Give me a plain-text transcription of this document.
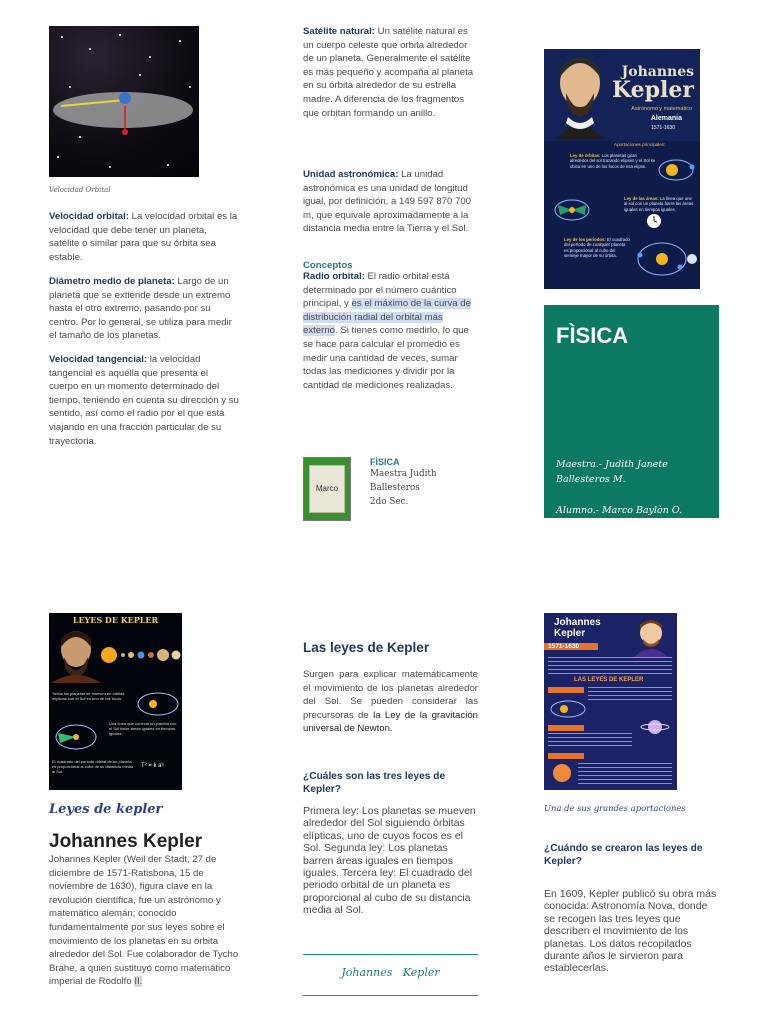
Velocidad Orbital

Velocidad orbital: La velocidad orbital es la velocidad que debe tener un planeta, satélite o similar para que su órbita sea estable.

Diámetro medio de planeta: Largo de un planeta que se extiende desde un extremo hasta el otro extremo, pasando por su centro. Por lo general, se utiliza para medir el tamaño de los planetas.

Velocidad tangencial: la velocidad tangencial es aquélla que presenta el cuerpo en un momento determinado del tiempo, teniendo en cuenta su dirección y su sentido, así como el radio por el que está viajando en una fracción particular de su trayectoria.

Satélite natural: Un satélite natural es un cuerpo celeste que orbita alrededor de un planeta. Generalmente el satélite es más pequeño y acompaña al planeta en su órbita alrededor de su estrella madre. A diferencia de los fragmentos que orbitan formando un anillo.

Unidad astronómica: La unidad astronómica es una unidad de longitud igual, por definición, a 149 597 870 700 m, que equivale aproximadamente a la distancia media entre la Tierra y el Sol.

Conceptos

Radio orbital: El radio orbital está determinado por el número cuántico principal, y es el máximo de la curva de distribución radial del orbital más externo. Si tienes como medirlo, lo que se hace para calcular el promedio es medir una cantidad de veces, sumar todas las mediciones y dividir por la cantidad de mediciones realizadas.

Marco
FÌSICA
Maestra Judith
Ballesteros
2do Sec.
Johannes
Kepler
Astrónomo y matemático
Alemania
1571-1630
Aportaciones principales:
Ley de órbitas: Los planetas giran alrededor del sol trazando elipses y el Sol se ubica en uno de los focos de esa elipse.
Ley de las áreas: La línea que une al sol con un planeta barre las áreas iguales en tiempos iguales.
Ley de los periodos: El cuadrado del período de cualquier planeta es proporcional al cubo del semieje mayor de su órbita.
FÌSICA
Maestra.- Judith Janete Ballesteros M.
Alumno.- Marco Baylòn O.
LEYES DE KEPLER
Todos los planetas se mueven en órbitas elípticas con el Sol en uno de los focos.
Una línea que conecta un planeta con el Sol barre áreas iguales en tiempos iguales.
El cuadrado del periodo orbital de un planeta es proporcional al cubo de su distancia media al Sol.
T² = k a³
Leyes de kepler
Johannes Kepler

Johannes Kepler (Weil der Stadt, 27 de diciembre de 1571-Ratisbona, 15 de noviembre de 1630), figura clave en la revolución científica, fue un astrónomo y matemático alemán; conocido fundamentalmente por sus leyes sobre el movimiento de los planetas en su órbita alrededor del Sol. Fue colaborador de Tycho Brahe, a quien sustituyó como matemático imperial de Rodolfo II.

Las leyes de Kepler

Surgen para explicar matemáticamente el movimiento de los planetas alrededor del Sol. Se pueden considerar las precursoras de la Ley de la gravitación universal de Newton.

¿Cuáles son las tres leyes de Kepler?
Primera ley: Los planetas se mueven alrededor del Sol siguiendo órbitas elípticas, uno de cuyos focos es el Sol. Segunda ley: Los planetas barren áreas iguales en tiempos iguales. Tercera ley: El cuadrado del periodo orbital de un planeta es proporcional al cubo de su distancia media al Sol.
Johannes   Kepler
Johannes
Kepler
1571-1630
LAS LEYES DE KEPLER
Una de sus grandes aportaciones
¿Cuándo se crearon las leyes de Kepler?
En 1609, Kepler publicó su obra más conocida: Astronomía Nova, donde se recogen las tres leyes que describen el movimiento de los planetas. Los datos recopilados durante años le sirvieron para establecerlas.
